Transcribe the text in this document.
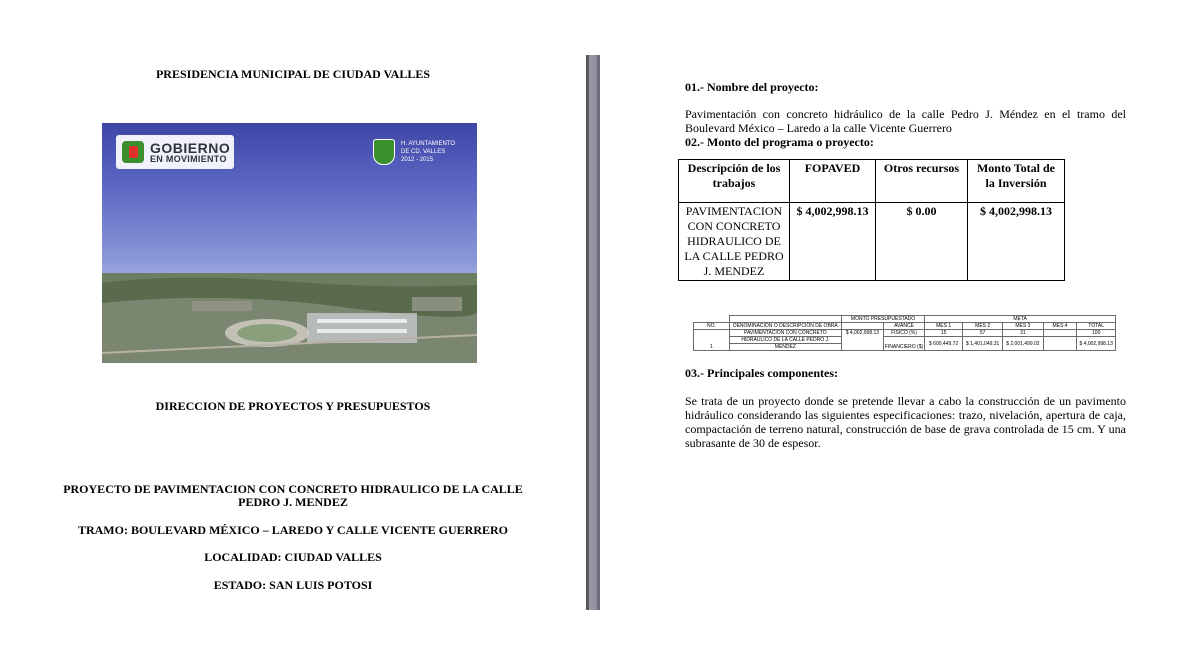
PRESIDENCIA MUNICIPAL DE CIUDAD VALLES
GOBIERNO
EN MOVIMIENTO
H. AYUNTAMIENTO
DE CD. VALLES
2012 - 2015
DIRECCION DE PROYECTOS Y PRESUPUESTOS
PROYECTO DE PAVIMENTACION CON CONCRETO HIDRAULICO DE LA CALLE
PEDRO J. MENDEZ
TRAMO: BOULEVARD MÉXICO – LAREDO Y CALLE VICENTE GUERRERO
LOCALIDAD: CIUDAD VALLES
ESTADO: SAN LUIS POTOSI
01.- Nombre del proyecto:
Pavimentación con concreto hidráulico de la calle Pedro J. Méndez en el tramo del Boulevard México – Laredo a la calle Vicente Guerrero
02.- Monto del programa o proyecto:
Descripción de los trabajos	FOPAVED	Otros recursos	Monto Total de la Inversión
PAVIMENTACION CON CONCRETO HIDRAULICO DE LA CALLE PEDRO J. MENDEZ	$ 4,002,998.13	$ 0.00	$ 4,002,998.13
		MONTO PRESUPUESTADO		META				
NO.	DENOMINACION O DESCRIPCION DE OBRA		AVANCE	MES 1	MES 2	MES 3	MES 4	TOTAL
1	PAVIMENTACION CON CONCRETO	$ 4,002,998.13	FISICO (%)	15	57	31		100
	HIDRAULICO DE LA CALLE PEDRO J.		FINANCIERO ($)	$ 600,449.72	$ 1,401,049.31	$ 2,001,499.02		$ 4,002,998.13
	MENDEZ							
03.- Principales componentes:
Se trata de un proyecto donde se pretende llevar a cabo la construcción de un pavimento hidráulico considerando las siguientes especificaciones: trazo, nivelación, apertura de caja, compactación de terreno natural, construcción de base de grava controlada de 15 cm. Y una subrasante de 30 de espesor.
